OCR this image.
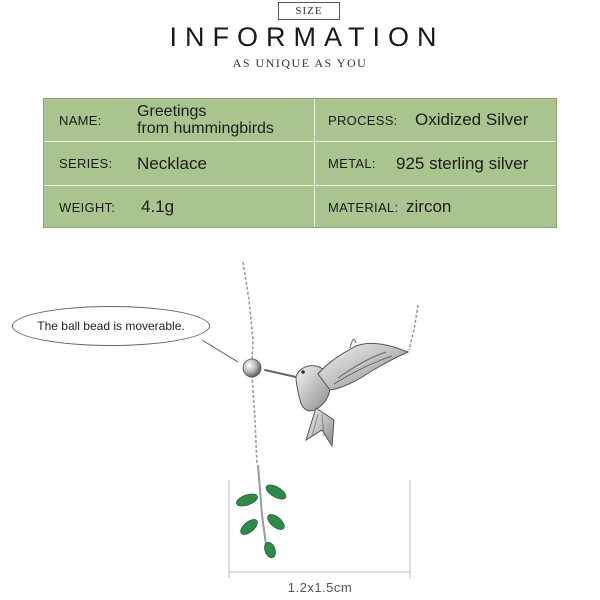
SIZE
INFORMATION
AS UNIQUE AS YOU
NAME: Greetings
from hummingbirds	PROCESS: Oxidized Silver
SERIES: Necklace	METAL: 925 sterling silver
WEIGHT: 4.1g	MATERIAL: zircon
The ball bead is moverable.
1.2x1.5cm
